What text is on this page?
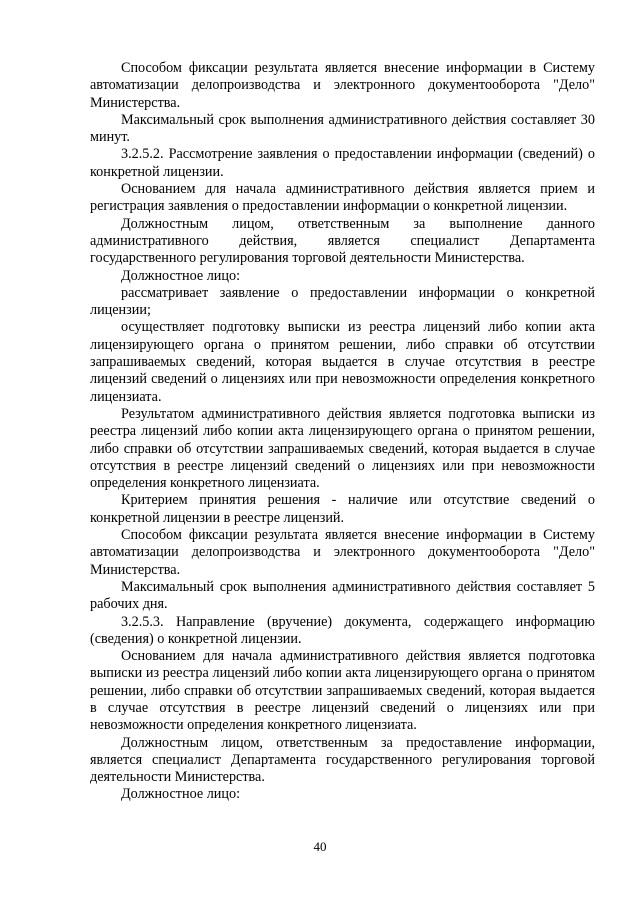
Способом фиксации результата является внесение информации в Систему автоматизации делопроизводства и электронного документооборота "Дело" Министерства.

Максимальный срок выполнения административного действия составляет 30 минут.

3.2.5.2. Рассмотрение заявления о предоставлении информации (сведений) о конкретной лицензии.

Основанием для начала административного действия является прием и регистрация заявления о предоставлении информации о конкретной лицензии.

Должностным лицом, ответственным за выполнение данного административного действия, является специалист Департамента государственного регулирования торговой деятельности Министерства.

Должностное лицо:

рассматривает заявление о предоставлении информации о конкретной лицензии;

осуществляет подготовку выписки из реестра лицензий либо копии акта лицензирующего органа о принятом решении, либо справки об отсутствии запрашиваемых сведений, которая выдается в случае отсутствия в реестре лицензий сведений о лицензиях или при невозможности определения конкретного лицензиата.

Результатом административного действия является подготовка выписки из реестра лицензий либо копии акта лицензирующего органа о принятом решении, либо справки об отсутствии запрашиваемых сведений, которая выдается в случае отсутствия в реестре лицензий сведений о лицензиях или при невозможности определения конкретного лицензиата.

Критерием принятия решения - наличие или отсутствие сведений о конкретной лицензии в реестре лицензий.

Способом фиксации результата является внесение информации в Систему автоматизации делопроизводства и электронного документооборота "Дело" Министерства.

Максимальный срок выполнения административного действия составляет 5 рабочих дня.

3.2.5.3. Направление (вручение) документа, содержащего информацию (сведения) о конкретной лицензии.

Основанием для начала административного действия является подготовка выписки из реестра лицензий либо копии акта лицензирующего органа о принятом решении, либо справки об отсутствии запрашиваемых сведений, которая выдается в случае отсутствия в реестре лицензий сведений о лицензиях или при невозможности определения конкретного лицензиата.

Должностным лицом, ответственным за предоставление информации, является специалист Департамента государственного регулирования торговой деятельности Министерства.

Должностное лицо:

40
